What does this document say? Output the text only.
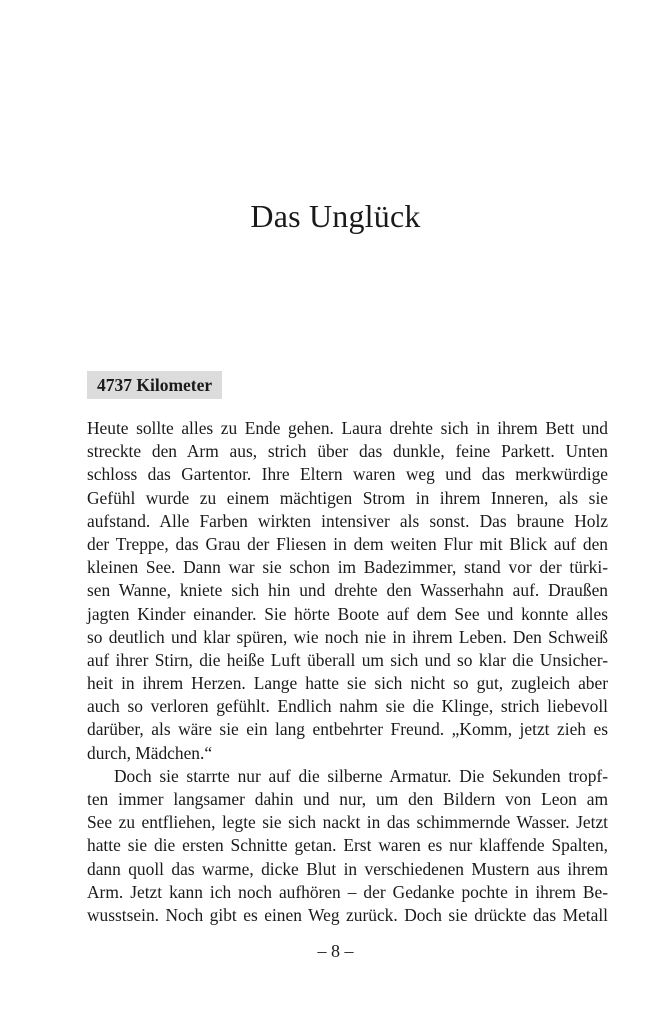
Das Unglück
4737 Kilometer
Heute sollte alles zu Ende gehen. Laura drehte sich in ihrem Bett und
streckte den Arm aus, strich über das dunkle, feine Parkett. Unten
schloss das Gartentor. Ihre Eltern waren weg und das merkwürdige
Gefühl wurde zu einem mächtigen Strom in ihrem Inneren, als sie
aufstand. Alle Farben wirkten intensiver als sonst. Das braune Holz
der Treppe, das Grau der Fliesen in dem weiten Flur mit Blick auf den
kleinen See. Dann war sie schon im Badezimmer, stand vor der türki-
sen Wanne, kniete sich hin und drehte den Wasserhahn auf. Draußen
jagten Kinder einander. Sie hörte Boote auf dem See und konnte alles
so deutlich und klar spüren, wie noch nie in ihrem Leben. Den Schweiß
auf ihrer Stirn, die heiße Luft überall um sich und so klar die Unsicher-
heit in ihrem Herzen. Lange hatte sie sich nicht so gut, zugleich aber
auch so verloren gefühlt. Endlich nahm sie die Klinge, strich liebevoll
darüber, als wäre sie ein lang entbehrter Freund. „Komm, jetzt zieh es
durch, Mädchen.“
Doch sie starrte nur auf die silberne Armatur. Die Sekunden tropf-
ten immer langsamer dahin und nur, um den Bildern von Leon am
See zu entfliehen, legte sie sich nackt in das schimmernde Wasser. Jetzt
hatte sie die ersten Schnitte getan. Erst waren es nur klaffende Spalten,
dann quoll das warme, dicke Blut in verschiedenen Mustern aus ihrem
Arm. Jetzt kann ich noch aufhören – der Gedanke pochte in ihrem Be-
wusstsein. Noch gibt es einen Weg zurück. Doch sie drückte das Metall
– 8 –
